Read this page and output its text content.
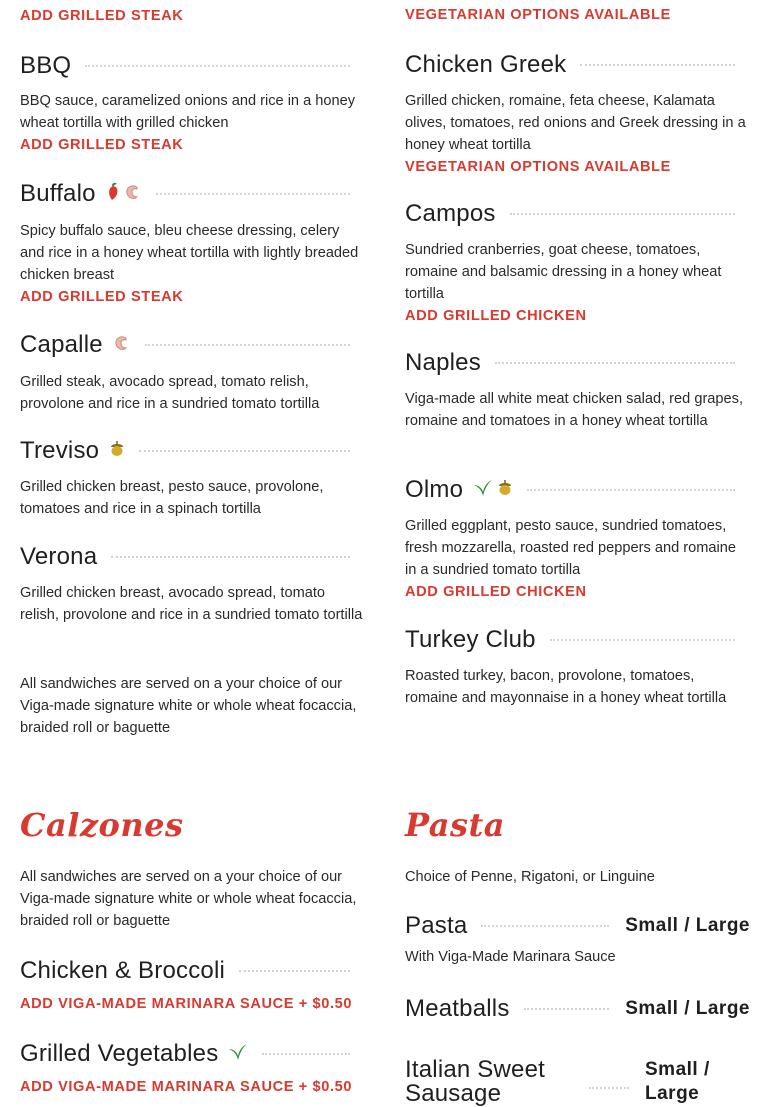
ADD GRILLED STEAK
BBQ
BBQ sauce, caramelized onions and rice in a honey wheat tortilla with grilled chicken
ADD GRILLED STEAK
Buffalo
Spicy buffalo sauce, bleu cheese dressing, celery and rice in a honey wheat tortilla with lightly breaded chicken breast
ADD GRILLED STEAK
Capalle
Grilled steak, avocado spread, tomato relish, provolone and rice in a sundried tomato tortilla
Treviso
Grilled chicken breast, pesto sauce, provolone, tomatoes and rice in a spinach tortilla
Verona
Grilled chicken breast, avocado spread, tomato relish, provolone and rice in a sundried tomato tortilla
All sandwiches are served on a your choice of our Viga-made signature white or whole wheat focaccia, braided roll or baguette
VEGETARIAN OPTIONS AVAILABLE
Chicken Greek
Grilled chicken, romaine, feta cheese, Kalamata olives, tomatoes, red onions and Greek dressing in a honey wheat tortilla
VEGETARIAN OPTIONS AVAILABLE
Campos
Sundried cranberries, goat cheese, tomatoes, romaine and balsamic dressing in a honey wheat tortilla
ADD GRILLED CHICKEN
Naples
Viga-made all white meat chicken salad, red grapes, romaine and tomatoes in a honey wheat tortilla
Olmo
Grilled eggplant, pesto sauce, sundried tomatoes, fresh mozzarella, roasted red peppers and romaine in a sundried tomato tortilla
ADD GRILLED CHICKEN
Turkey Club
Roasted turkey, bacon, provolone, tomatoes, romaine and mayonnaise in a honey wheat tortilla
Calzones
All sandwiches are served on a your choice of our Viga-made signature white or whole wheat focaccia, braided roll or baguette
Chicken & Broccoli
ADD VIGA-MADE MARINARA SAUCE + $0.50
Grilled Vegetables
ADD VIGA-MADE MARINARA SAUCE + $0.50
Pasta
Choice of Penne, Rigatoni, or Linguine
Pasta	Small / Large
With Viga-Made Marinara Sauce
Meatballs	Small / Large
Italian Sweet Sausage
Small / Large
